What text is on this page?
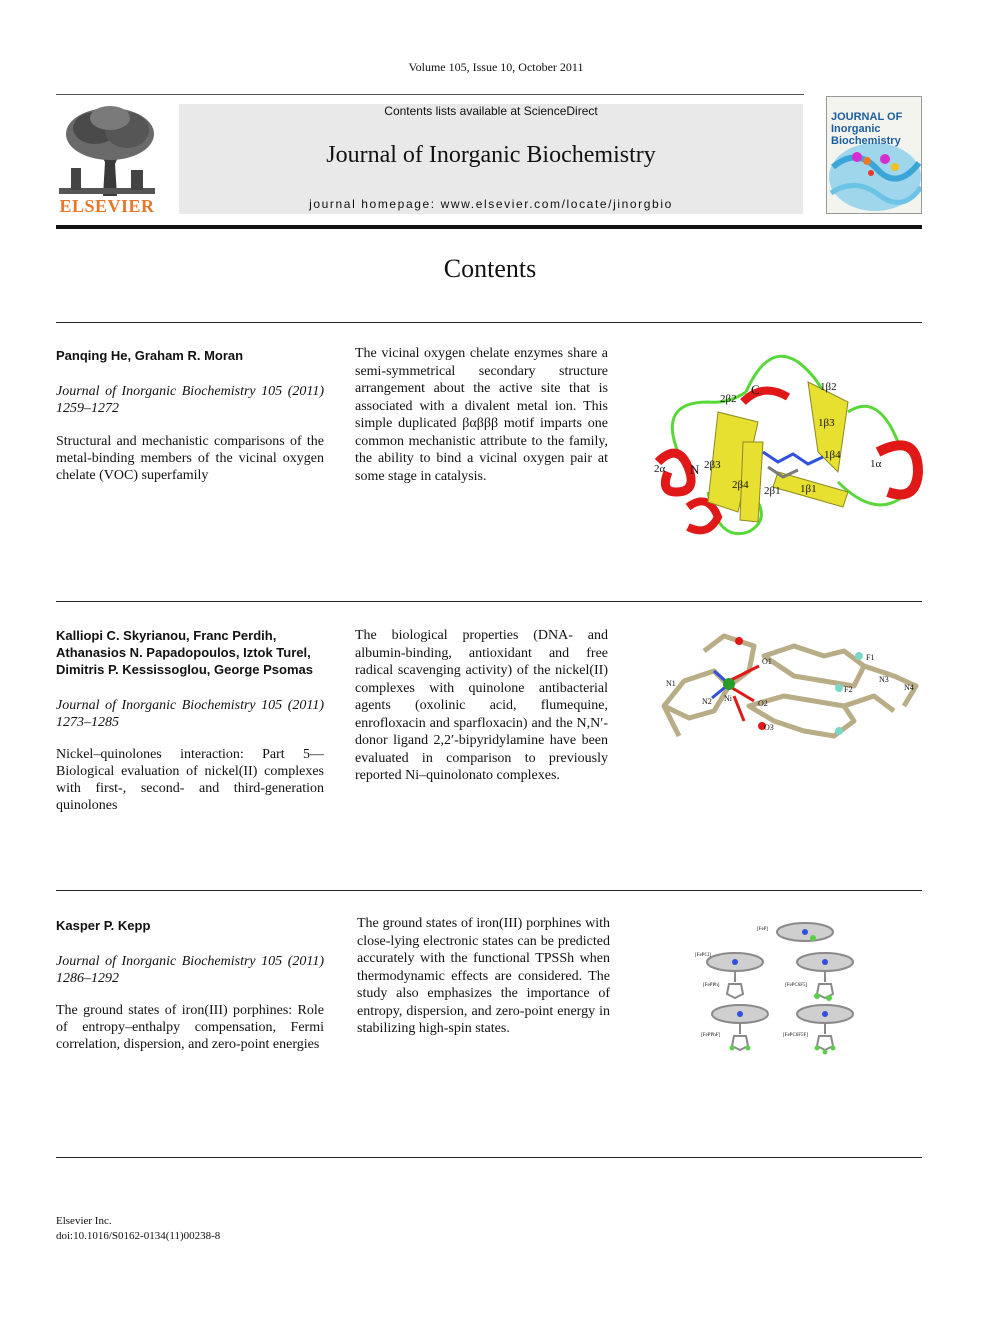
Volume 105, Issue 10, October 2011
ELSEVIER
Contents lists available at ScienceDirect
Journal of Inorganic Biochemistry
journal homepage: www.elsevier.com/locate/jinorgbio
JOURNAL OF Inorganic Biochemistry
Contents
Panqing He, Graham R. Moran
Journal of Inorganic Biochemistry 105 (2011) 1259–1272
Structural and mechanistic comparisons of the metal-binding members of the vicinal oxygen chelate (VOC) superfamily
The vicinal oxygen chelate enzymes share a semi-symmetrical secondary structure arrangement about the active site that is associated with a divalent metal ion. This simple duplicated βαβββ motif imparts one common mechanistic attribute to the family, the ability to bind a vicinal oxygen pair at some stage in catalysis.
C
N
1β2
1β3
1β4
1β1
1α
2β2
2β3
2β4 2β1
2α
Kalliopi C. Skyrianou, Franc Perdih, Athanasios N. Papadopoulos, Iztok Turel, Dimitris P. Kessissoglou, George Psomas
Journal of Inorganic Biochemistry 105 (2011) 1273–1285
Nickel–quinolones interaction: Part 5—Biological evaluation of nickel(II) complexes with first-, second- and third-generation quinolones
The biological properties (DNA- and albumin-binding, antioxidant and free radical scavenging activity) of the nickel(II) complexes with quinolone antibacterial agents (oxolinic acid, flumequine, enrofloxacin and sparfloxacin) and the N,N′-donor ligand 2,2′-bipyridylamine have been evaluated in comparison to previously reported Ni–quinolonato complexes.
Ni
N1
N2
O1
O2
O3
F1
F2
N3
N4
Kasper P. Kepp
Journal of Inorganic Biochemistry 105 (2011) 1286–1292
The ground states of iron(III) porphines: Role of entropy–enthalpy compensation, Fermi correlation, dispersion, and zero-point energies
The ground states of iron(III) porphines with close-lying electronic states can be predicted accurately with the functional TPSSh when thermodynamic effects are considered. The study also emphasizes the importance of entropy, dispersion, and zero-point energy in stabilizing high-spin states.
[FeP]
[FePCl]
[FePPh]	[FePC6F5]
[FePPhF]	[FePC6F5F]
Elsevier Inc.
doi:10.1016/S0162-0134(11)00238-8
